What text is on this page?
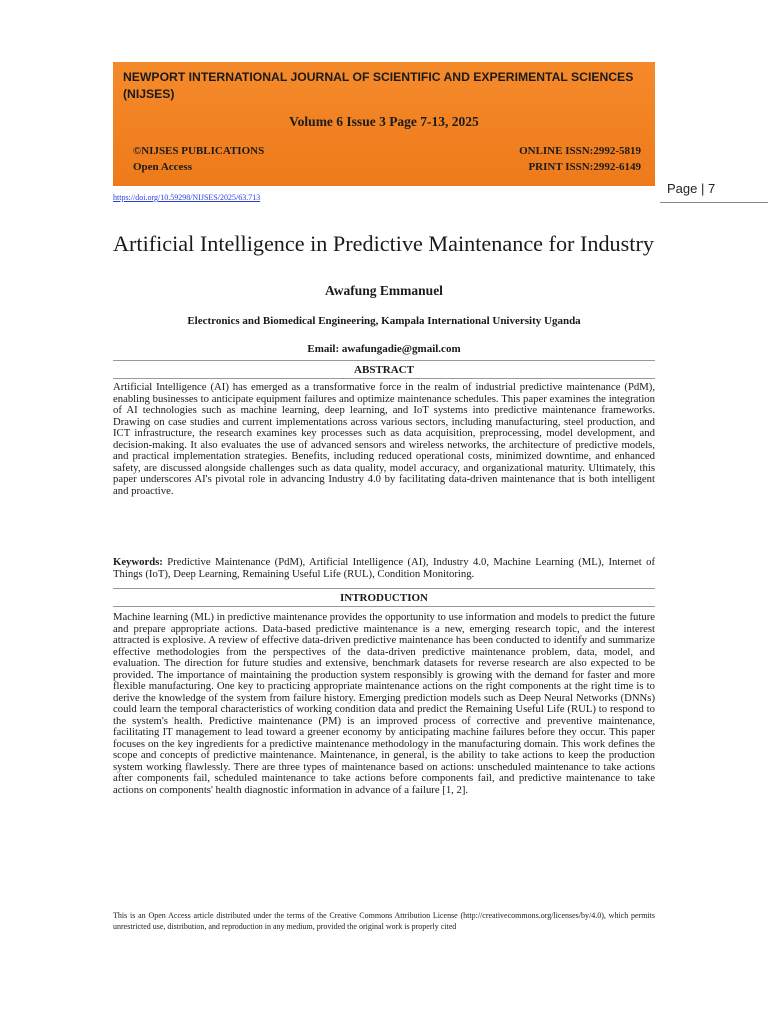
NEWPORT INTERNATIONAL JOURNAL OF SCIENTIFIC AND EXPERIMENTAL SCIENCES (NIJSES)

Volume 6 Issue 3 Page 7-13, 2025
©NIJSES PUBLICATIONS
Open Access
ONLINE ISSN:2992-5819
PRINT ISSN:2992-6149
https://doi.org/10.59298/NIJSES/2025/63.713
Page | 7
Artificial Intelligence in Predictive Maintenance for Industry
Awafung Emmanuel
Electronics and Biomedical Engineering, Kampala International University Uganda
Email: awafungadie@gmail.com
ABSTRACT

Artificial Intelligence (AI) has emerged as a transformative force in the realm of industrial predictive maintenance (PdM), enabling businesses to anticipate equipment failures and optimize maintenance schedules. This paper examines the integration of AI technologies such as machine learning, deep learning, and IoT systems into predictive maintenance frameworks. Drawing on case studies and current implementations across various sectors, including manufacturing, steel production, and ICT infrastructure, the research examines key processes such as data acquisition, preprocessing, model development, and decision-making. It also evaluates the use of advanced sensors and wireless networks, the architecture of predictive models, and practical implementation strategies. Benefits, including reduced operational costs, minimized downtime, and enhanced safety, are discussed alongside challenges such as data quality, model accuracy, and organizational maturity. Ultimately, this paper underscores AI's pivotal role in advancing Industry 4.0 by facilitating data-driven maintenance that is both intelligent and proactive.

Keywords: Predictive Maintenance (PdM), Artificial Intelligence (AI), Industry 4.0, Machine Learning (ML), Internet of Things (IoT), Deep Learning, Remaining Useful Life (RUL), Condition Monitoring.

INTRODUCTION

Machine learning (ML) in predictive maintenance provides the opportunity to use information and models to predict the future and prepare appropriate actions. Data-based predictive maintenance is a new, emerging research topic, and the interest attracted is explosive. A review of effective data-driven predictive maintenance has been conducted to identify and summarize effective methodologies from the perspectives of the data-driven predictive maintenance problem, data, model, and evaluation. The direction for future studies and extensive, benchmark datasets for reverse research are also expected to be provided. The importance of maintaining the production system responsibly is growing with the demand for faster and more flexible manufacturing. One key to practicing appropriate maintenance actions on the right components at the right time is to derive the knowledge of the system from failure history. Emerging prediction models such as Deep Neural Networks (DNNs) could learn the temporal characteristics of working condition data and predict the Remaining Useful Life (RUL) to respond to the system's health. Predictive maintenance (PM) is an improved process of corrective and preventive maintenance, facilitating IT management to lead toward a greener economy by anticipating machine failures before they occur. This paper focuses on the key ingredients for a predictive maintenance methodology in the manufacturing domain. This work defines the scope and concepts of predictive maintenance. Maintenance, in general, is the ability to take actions to keep the production system working flawlessly. There are three types of maintenance based on actions: unscheduled maintenance to take actions after components fail, scheduled maintenance to take actions before components fail, and predictive maintenance to take actions on components' health diagnostic information in advance of a failure [1, 2].

This is an Open Access article distributed under the terms of the Creative Commons Attribution License (http://creativecommons.org/licenses/by/4.0), which permits unrestricted use, distribution, and reproduction in any medium, provided the original work is properly cited
